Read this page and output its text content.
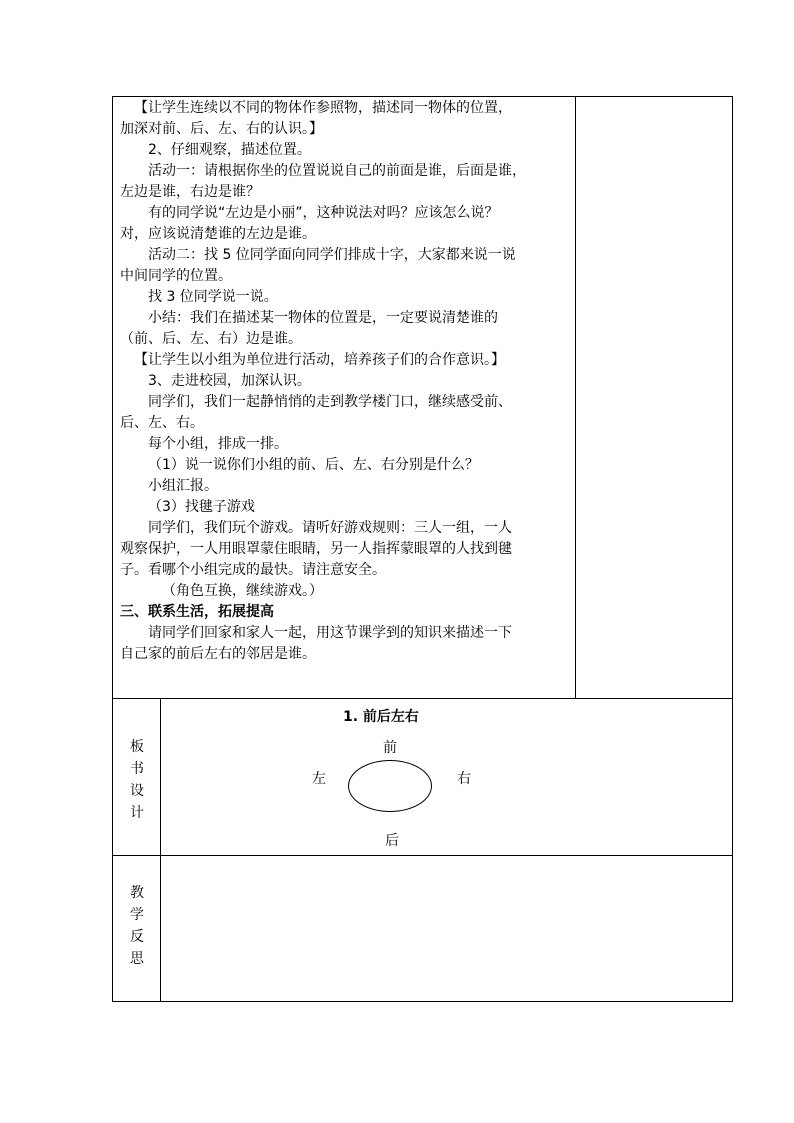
【让学生连续以不同的物体作参照物，描述同一物体的位置，
加深对前、后、左、右的认识。】
2、仔细观察，描述位置。
活动一：请根据你坐的位置说说自己的前面是谁，后面是谁，
左边是谁，右边是谁？
有的同学说“左边是小丽”，这种说法对吗？应该怎么说？
对，应该说清楚谁的左边是谁。
活动二：找 5 位同学面向同学们排成十字，大家都来说一说
中间同学的位置。
找 3 位同学说一说。
小结：我们在描述某一物体的位置是，一定要说清楚谁的
（前、后、左、右）边是谁。
【让学生以小组为单位进行活动，培养孩子们的合作意识。】
3、走进校园，加深认识。
同学们，我们一起静悄悄的走到教学楼门口，继续感受前、
后、左、右。
每个小组，排成一排。
（1）说一说你们小组的前、后、左、右分别是什么？
小组汇报。
（3）找毽子游戏
同学们，我们玩个游戏。请听好游戏规则：三人一组，一人
观察保护，一人用眼罩蒙住眼睛，另一人指挥蒙眼罩的人找到毽
子。看哪个小组完成的最快。请注意安全。
（角色互换，继续游戏。）
三、联系生活，拓展提高
请同学们回家和家人一起，用这节课学到的知识来描述一下
自己家的前后左右的邻居是谁。
板
书
设
计
1. 前后左右
前
左	右
后
教
学
反
思
